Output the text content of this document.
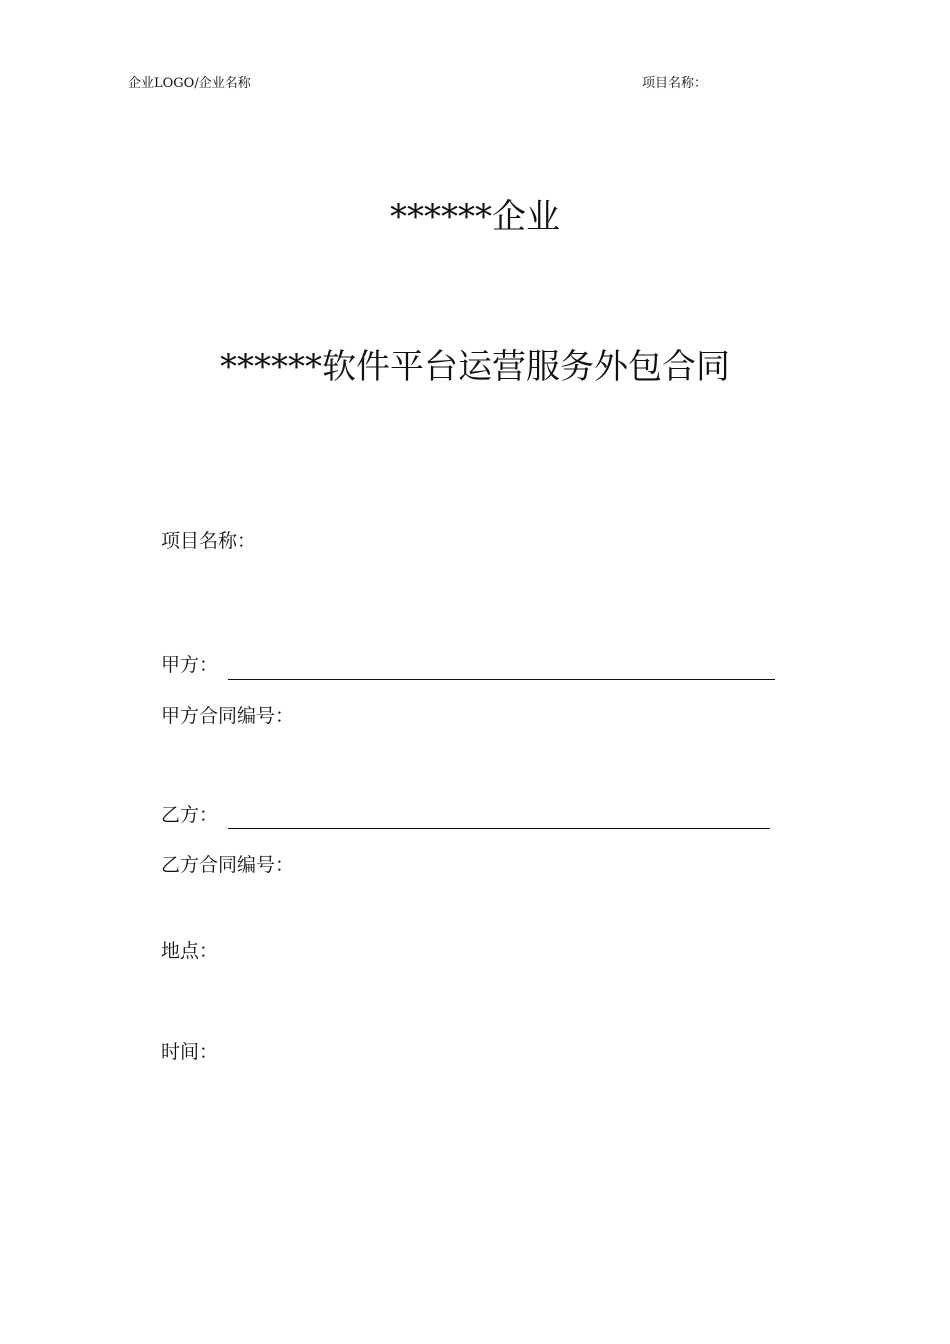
企业LOGO/企业名称	项目名称：
******企业
******软件平台运营服务外包合同
项目名称：
甲方：
甲方合同编号：
乙方：
乙方合同编号：
地点：
时间：
